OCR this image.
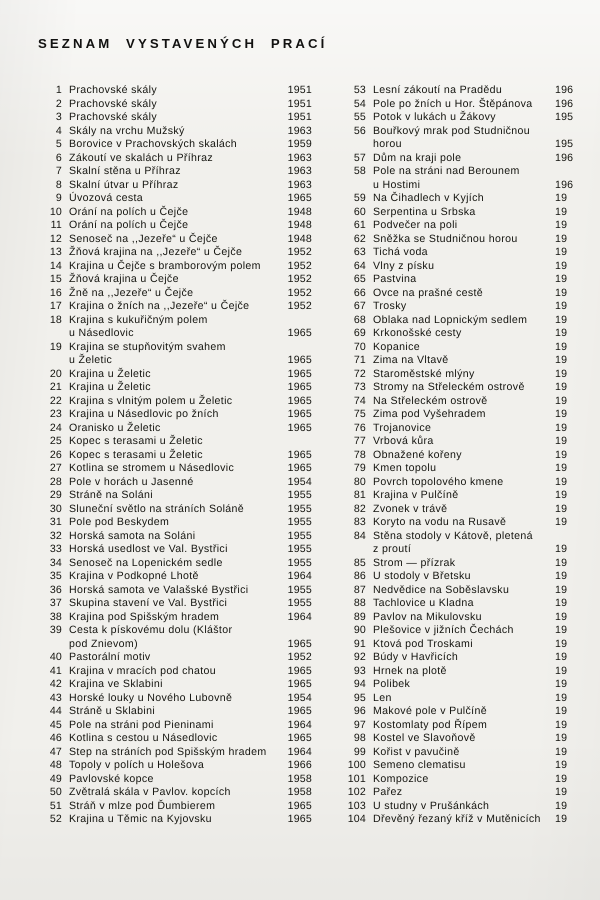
SEZNAM VYSTAVENÝCH PRACÍ
1 Prachovské skály	1951
2 Prachovské skály	1951
3 Prachovské skály	1951
4 Skály na vrchu Mužský	1963
5 Borovice v Prachovských skalách	1959
6 Zákoutí ve skalách u Příhraz	1963
7 Skalní stěna u Příhraz	1963
8 Skalní útvar u Příhraz	1963
9 Úvozová cesta	1965
10 Orání na polích u Čejče	1948
11 Orání na polích u Čejče	1948
12 Senoseč na ,,Jezeře“ u Čejče	1948
13 Žňová krajina na ,,Jezeře“ u Čejče	1952
14 Krajina u Čejče s bramborovým polem	1952
15 Žňová krajina u Čejče	1952
16 Žně na ,,Jezeře“ u Čejče	1952
17 Krajina o žních na ,,Jezeře“ u Čejče	1952
18 Krajina s kukuřičným polem
u Násedlovic	1965
19 Krajina se stupňovitým svahem
u Želetic	1965
20 Krajina u Želetic	1965
21 Krajina u Želetic	1965
22 Krajina s vlnitým polem u Želetic	1965
23 Krajina u Násedlovic po žních	1965
24 Oranisko u Želetic	1965
25 Kopec s terasami u Želetic
26 Kopec s terasami u Želetic	1965
27 Kotlina se stromem u Násedlovic	1965
28 Pole v horách u Jasenné	1954
29 Stráně na Soláni	1955
30 Sluneční světlo na stráních Soláně	1955
31 Pole pod Beskydem	1955
32 Horská samota na Soláni	1955
33 Horská usedlost ve Val. Bystřici	1955
34 Senoseč na Lopenickém sedle	1955
35 Krajina v Podkopné Lhotě	1964
36 Horská samota ve Valašské Bystřici	1955
37 Skupina stavení ve Val. Bystřici	1955
38 Krajina pod Spišským hradem	1964
39 Cesta k pískovému dolu (Kláštor
pod Znievom)	1965
40 Pastorální motiv	1952
41 Krajina v mracích pod chatou	1965
42 Krajina ve Sklabini	1965
43 Horské louky u Nového Lubovně	1954
44 Stráně u Sklabini	1965
45 Pole na stráni pod Pieninami	1964
46 Kotlina s cestou u Násedlovic	1965
47 Step na stráních pod Spišským hradem	1964
48 Topoly v polích u Holešova	1966
49 Pavlovské kopce	1958
50 Zvětralá skála v Pavlov. kopcích	1958
51 Stráň v mlze pod Ďumbierem	1965
52 Krajina u Těmic na Kyjovsku	1965
53 Lesní zákoutí na Pradědu	196
54 Pole po žních u Hor. Štěpánova 196
55 Potok v lukách u Žákovy	195
56 Bouřkový mrak pod Studničnou
horou	195
57 Dům na kraji pole	196
58 Pole na stráni nad Berounem
u Hostimi	196
59 Na Čihadlech v Kyjích	19
60 Serpentina u Srbska	19
61 Podvečer na poli	19
62 Sněžka se Studničnou horou	19
63 Tichá voda	19
64 Vlny z písku	19
65 Pastvina	19
66 Ovce na prašné cestě	19
67 Trosky	19
68 Oblaka nad Lopnickým sedlem	19
69 Krkonošské cesty	19
70 Kopanice	19
71 Zima na Vltavě	19
72 Staroměstské mlýny	19
73 Stromy na Střeleckém ostrově	19
74 Na Střeleckém ostrově	19
75 Zima pod Vyšehradem	19
76 Trojanovice	19
77 Vrbová kůra	19
78 Obnažené kořeny	19
79 Kmen topolu	19
80 Povrch topolového kmene	19
81 Krajina v Pulčíně	19
82 Zvonek v trávě	19
83 Koryto na vodu na Rusavě	19
84 Stěna stodoly v Kátově, pletená
z proutí	19
85 Strom — přízrak	19
86 U stodoly v Břetsku	19
87 Nedvědice na Soběslavsku	19
88 Tachlovice u Kladna	19
89 Pavlov na Mikulovsku	19
90 Plešovice v jižních Čechách	19
91 Ktová pod Troskami	19
92 Búdy v Havřicích	19
93 Hrnek na plotě	19
94 Polibek	19
95 Len	19
96 Makové pole v Pulčíně	19
97 Kostomlaty pod Řípem	19
98 Kostel ve Slavoňově	19
99 Kořist v pavučině	19
100 Semeno clematisu	19
101 Kompozice	19
102 Pařez	19
103 U studny v Prušánkách	19
104 Dřevěný řezaný kříž v Mutěnicích 19
